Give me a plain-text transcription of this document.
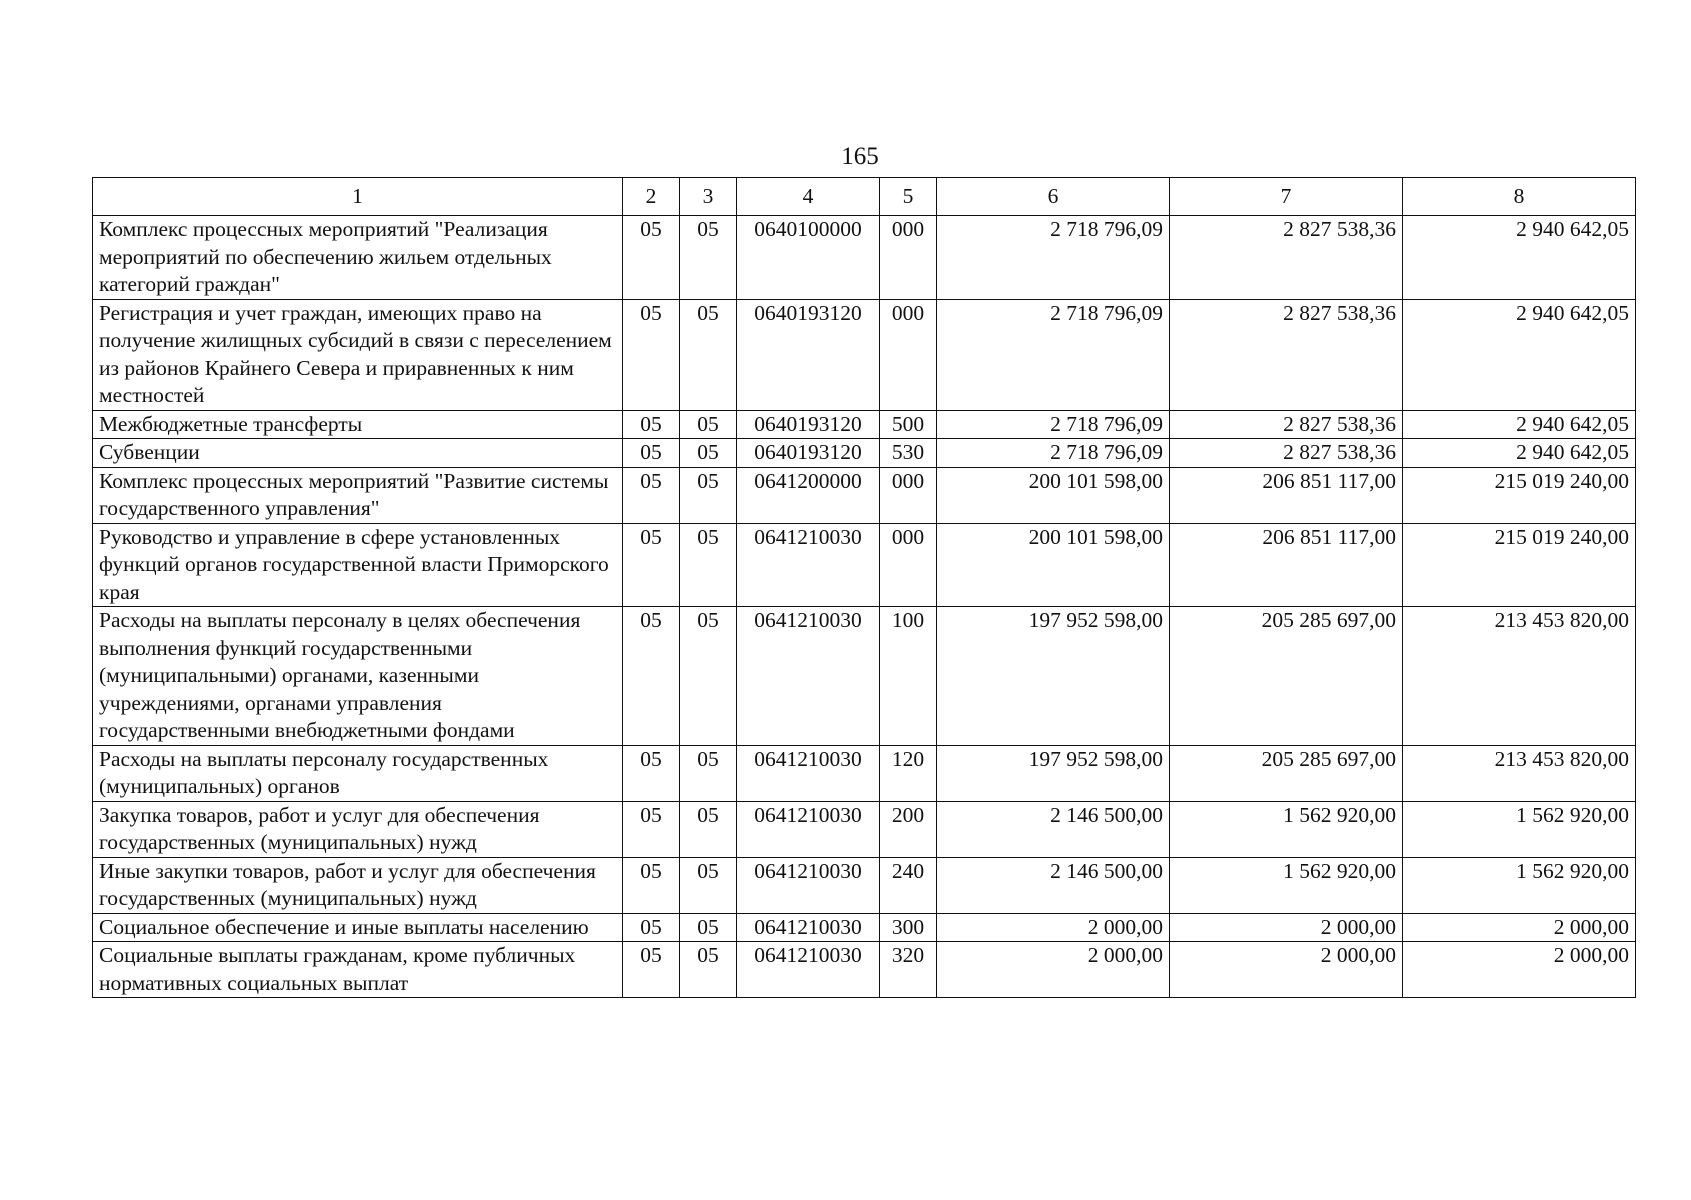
165
1	2	3	4	5	6	7	8
Комплекс процессных мероприятий "Реализация мероприятий по обеспечению жильем отдельных категорий граждан"	05	05	0640100000	000	2 718 796,09	2 827 538,36	2 940 642,05
Регистрация и учет граждан, имеющих право на получение жилищных субсидий в связи с переселением из районов Крайнего Севера и приравненных к ним местностей	05	05	0640193120	000	2 718 796,09	2 827 538,36	2 940 642,05
Межбюджетные трансферты	05	05	0640193120	500	2 718 796,09	2 827 538,36	2 940 642,05
Субвенции	05	05	0640193120	530	2 718 796,09	2 827 538,36	2 940 642,05
Комплекс процессных мероприятий "Развитие системы государственного управления"	05	05	0641200000	000	200 101 598,00	206 851 117,00	215 019 240,00
Руководство и управление в сфере установленных функций органов государственной власти Приморского края	05	05	0641210030	000	200 101 598,00	206 851 117,00	215 019 240,00
Расходы на выплаты персоналу в целях обеспечения выполнения функций государственными (муниципальными) органами, казенными учреждениями, органами управления государственными внебюджетными фондами	05	05	0641210030	100	197 952 598,00	205 285 697,00	213 453 820,00
Расходы на выплаты персоналу государственных (муниципальных) органов	05	05	0641210030	120	197 952 598,00	205 285 697,00	213 453 820,00
Закупка товаров, работ и услуг для обеспечения государственных (муниципальных) нужд	05	05	0641210030	200	2 146 500,00	1 562 920,00	1 562 920,00
Иные закупки товаров, работ и услуг для обеспечения государственных (муниципальных) нужд	05	05	0641210030	240	2 146 500,00	1 562 920,00	1 562 920,00
Социальное обеспечение и иные выплаты населению	05	05	0641210030	300	2 000,00	2 000,00	2 000,00
Социальные выплаты гражданам, кроме публичных нормативных социальных выплат	05	05	0641210030	320	2 000,00	2 000,00	2 000,00
